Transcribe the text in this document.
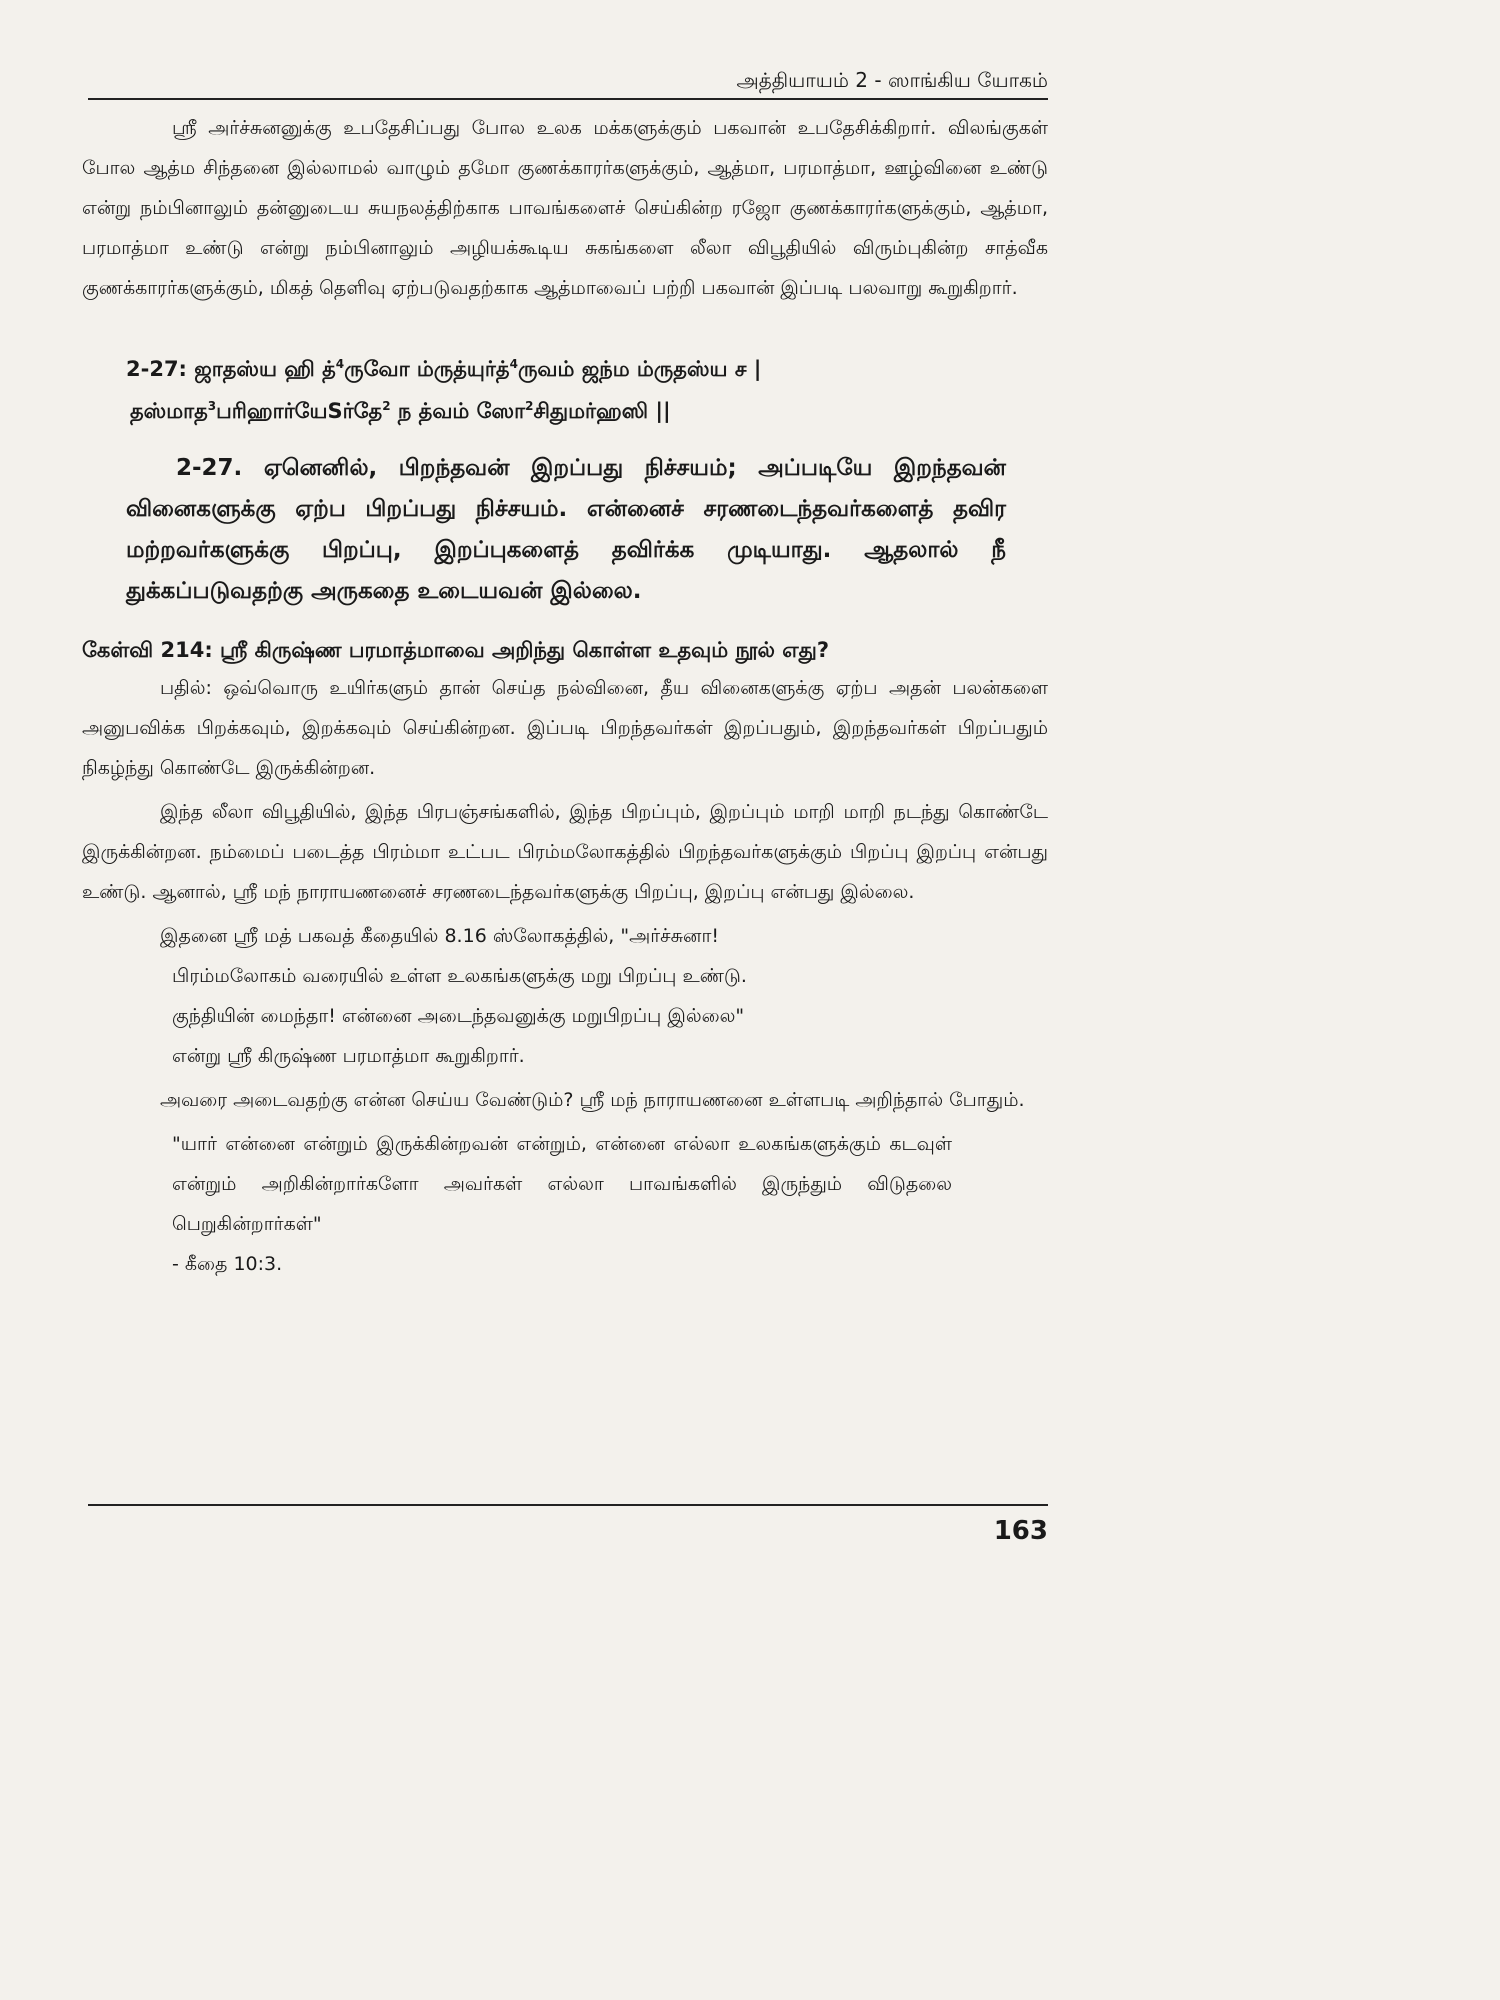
அத்தியாயம் 2 - ஸாங்கிய யோகம்

ஸ்ரீ அர்ச்சுனனுக்கு உபதேசிப்பது போல உலக மக்களுக்கும் பகவான் உபதேசிக்கிறார். விலங்குகள் போல ஆத்ம சிந்தனை இல்லாமல் வாழும் தமோ குணக்காரர்களுக்கும், ஆத்மா, பரமாத்மா, ஊழ்வினை உண்டு என்று நம்பினாலும் தன்னுடைய சுயநலத்திற்காக பாவங்களைச் செய்கின்ற ரஜோ குணக்காரர்களுக்கும், ஆத்மா, பரமாத்மா உண்டு என்று நம்பினாலும் அழியக்கூடிய சுகங்களை லீலா விபூதியில் விரும்புகின்ற சாத்வீக குணக்காரர்களுக்கும், மிகத் தெளிவு ஏற்படுவதற்காக ஆத்மாவைப் பற்றி பகவான் இப்படி பலவாறு கூறுகிறார்.

2-27: ஜாதஸ்ய ஹி த்$^4$ருவோ ம்ருத்யுர்த்$^4$ருவம் ஜந்ம ம்ருதஸ்ய ச |
தஸ்மாத$^3$பரிஹார்யேSர்தே$^2$ ந த்வம் ஸோ$^2$சிதுமர்ஹஸி ||

2-27. ஏனெனில், பிறந்தவன் இறப்பது நிச்சயம்; அப்படியே இறந்தவன் வினைகளுக்கு ஏற்ப பிறப்பது நிச்சயம். என்னைச் சரணடைந்தவர்களைத் தவிர மற்றவர்களுக்கு பிறப்பு, இறப்புகளைத் தவிர்க்க முடியாது. ஆதலால் நீ துக்கப்படுவதற்கு அருகதை உடையவன் இல்லை.

கேள்வி 214: ஸ்ரீ கிருஷ்ண பரமாத்மாவை அறிந்து கொள்ள உதவும் நூல் எது?

பதில்: ஒவ்வொரு உயிர்களும் தான் செய்த நல்வினை, தீய வினைகளுக்கு ஏற்ப அதன் பலன்களை அனுபவிக்க பிறக்கவும், இறக்கவும் செய்கின்றன. இப்படி பிறந்தவர்கள் இறப்பதும், இறந்தவர்கள் பிறப்பதும் நிகழ்ந்து கொண்டே இருக்கின்றன.

இந்த லீலா விபூதியில், இந்த பிரபஞ்சங்களில், இந்த பிறப்பும், இறப்பும் மாறி மாறி நடந்து கொண்டே இருக்கின்றன. நம்மைப் படைத்த பிரம்மா உட்பட பிரம்மலோகத்தில் பிறந்தவர்களுக்கும் பிறப்பு இறப்பு என்பது உண்டு. ஆனால், ஸ்ரீ மந் நாராயணனைச் சரணடைந்தவர்களுக்கு பிறப்பு, இறப்பு என்பது இல்லை.

இதனை ஸ்ரீ மத் பகவத் கீதையில் 8.16 ஸ்லோகத்தில், "அர்ச்சுனா!

பிரம்மலோகம் வரையில் உள்ள உலகங்களுக்கு மறு பிறப்பு உண்டு.
குந்தியின் மைந்தா! என்னை அடைந்தவனுக்கு மறுபிறப்பு இல்லை"
என்று ஸ்ரீ கிருஷ்ண பரமாத்மா கூறுகிறார்.

அவரை அடைவதற்கு என்ன செய்ய வேண்டும்? ஸ்ரீ மந் நாராயணனை உள்ளபடி அறிந்தால் போதும்.

"யார் என்னை என்றும் இருக்கின்றவன் என்றும், என்னை எல்லா உலகங்களுக்கும் கடவுள் என்றும் அறிகின்றார்களோ அவர்கள் எல்லா பாவங்களில் இருந்தும் விடுதலை பெறுகின்றார்கள்"

- கீதை 10:3.

163
